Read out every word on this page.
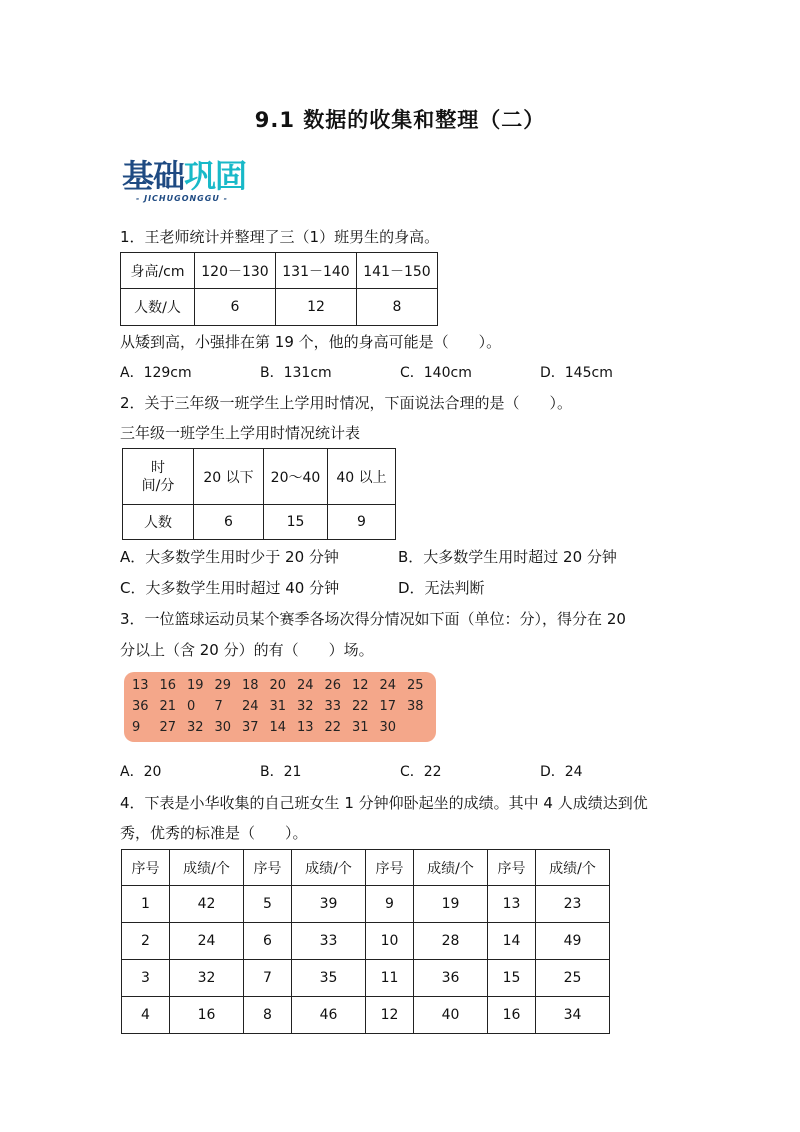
9.1 数据的收集和整理（二）
基础巩固
- JICHUGONGGU -
1．王老师统计并整理了三（1）班男生的身高。
身高/cm	120－130	131－140	141－150
人数/人	6	12	8
从矮到高，小强排在第 19 个，他的身高可能是（　　）。
A．129cm	B．131cm	C．140cm	D．145cm
2．关于三年级一班学生上学用时情况，下面说法合理的是（　　）。
三年级一班学生上学用时情况统计表
时
间/分	20 以下	20～40	40 以上
人数	6	15	9
A．大多数学生用时少于 20 分钟	B．大多数学生用时超过 20 分钟
C．大多数学生用时超过 40 分钟	D．无法判断
3．一位篮球运动员某个赛季各场次得分情况如下面（单位：分），得分在 20
分以上（含 20 分）的有（　　）场。
13 16 19 29 18 20 24 26 12 24 25
36 21 0	7	24 31 32 33 22 17 38
9	27 32 30 37 14 13 22 31 30
A．20	B．21	C．22	D．24
4．下表是小华收集的自己班女生 1 分钟仰卧起坐的成绩。其中 4 人成绩达到优
秀，优秀的标准是（　　）。
序号	成绩/个	序号	成绩/个	序号	成绩/个	序号	成绩/个
1	42	5	39	9	19	13	23
2	24	6	33	10	28	14	49
3	32	7	35	11	36	15	25
4	16	8	46	12	40	16	34
